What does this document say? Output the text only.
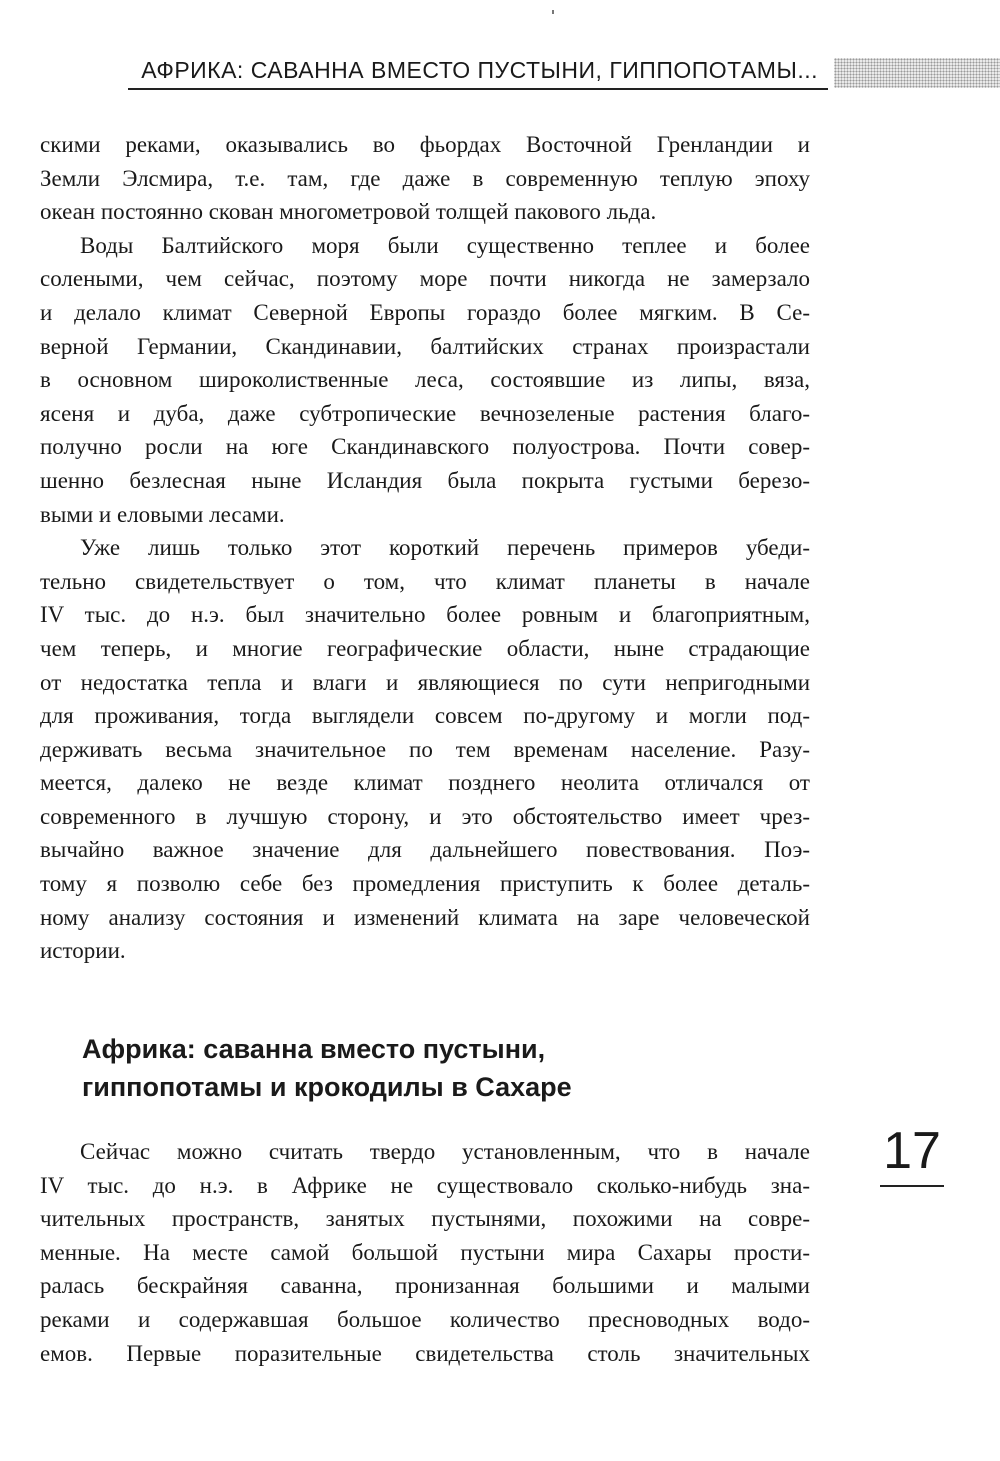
АФРИКА: САВАННА ВМЕСТО ПУСТЫНИ, ГИППОПОТАМЫ...
скими реками, оказывались во фьордах Восточной Гренландии и
Земли Элсмира, т.е. там, где даже в современную теплую эпоху
океан постоянно скован многометровой толщей пакового льда.
Воды Балтийского моря были существенно теплее и более
солеными, чем сейчас, поэтому море почти никогда не замерзало
и делало климат Северной Европы гораздо более мягким. В Се-
верной Германии, Скандинавии, балтийских странах произрастали
в основном широколиственные леса, состоявшие из липы, вяза,
ясеня и дуба, даже субтропические вечнозеленые растения благо-
получно росли на юге Скандинавского полуострова. Почти совер-
шенно безлесная ныне Исландия была покрыта густыми березо-
выми и еловыми лесами.
Уже лишь только этот короткий перечень примеров убеди-
тельно свидетельствует о том, что климат планеты в начале
IV тыс. до н.э. был значительно более ровным и благоприятным,
чем теперь, и многие географические области, ныне страдающие
от недостатка тепла и влаги и являющиеся по сути непригодными
для проживания, тогда выглядели совсем по-другому и могли под-
держивать весьма значительное по тем временам население. Разу-
меется, далеко не везде климат позднего неолита отличался от
современного в лучшую сторону, и это обстоятельство имеет чрез-
вычайно важное значение для дальнейшего повествования. Поэ-
тому я позволю себе без промедления приступить к более деталь-
ному анализу состояния и изменений климата на заре человеческой
истории.
Африка: саванна вместо пустыни,
гиппопотамы и крокодилы в Сахаре
17
Сейчас можно считать твердо установленным, что в начале
IV тыс. до н.э. в Африке не существовало сколько-нибудь зна-
чительных пространств, занятых пустынями, похожими на совре-
менные. На месте самой большой пустыни мира Сахары прости-
ралась бескрайняя саванна, пронизанная большими и малыми
реками и содержавшая большое количество пресноводных водо-
емов. Первые поразительные свидетельства столь значительных
